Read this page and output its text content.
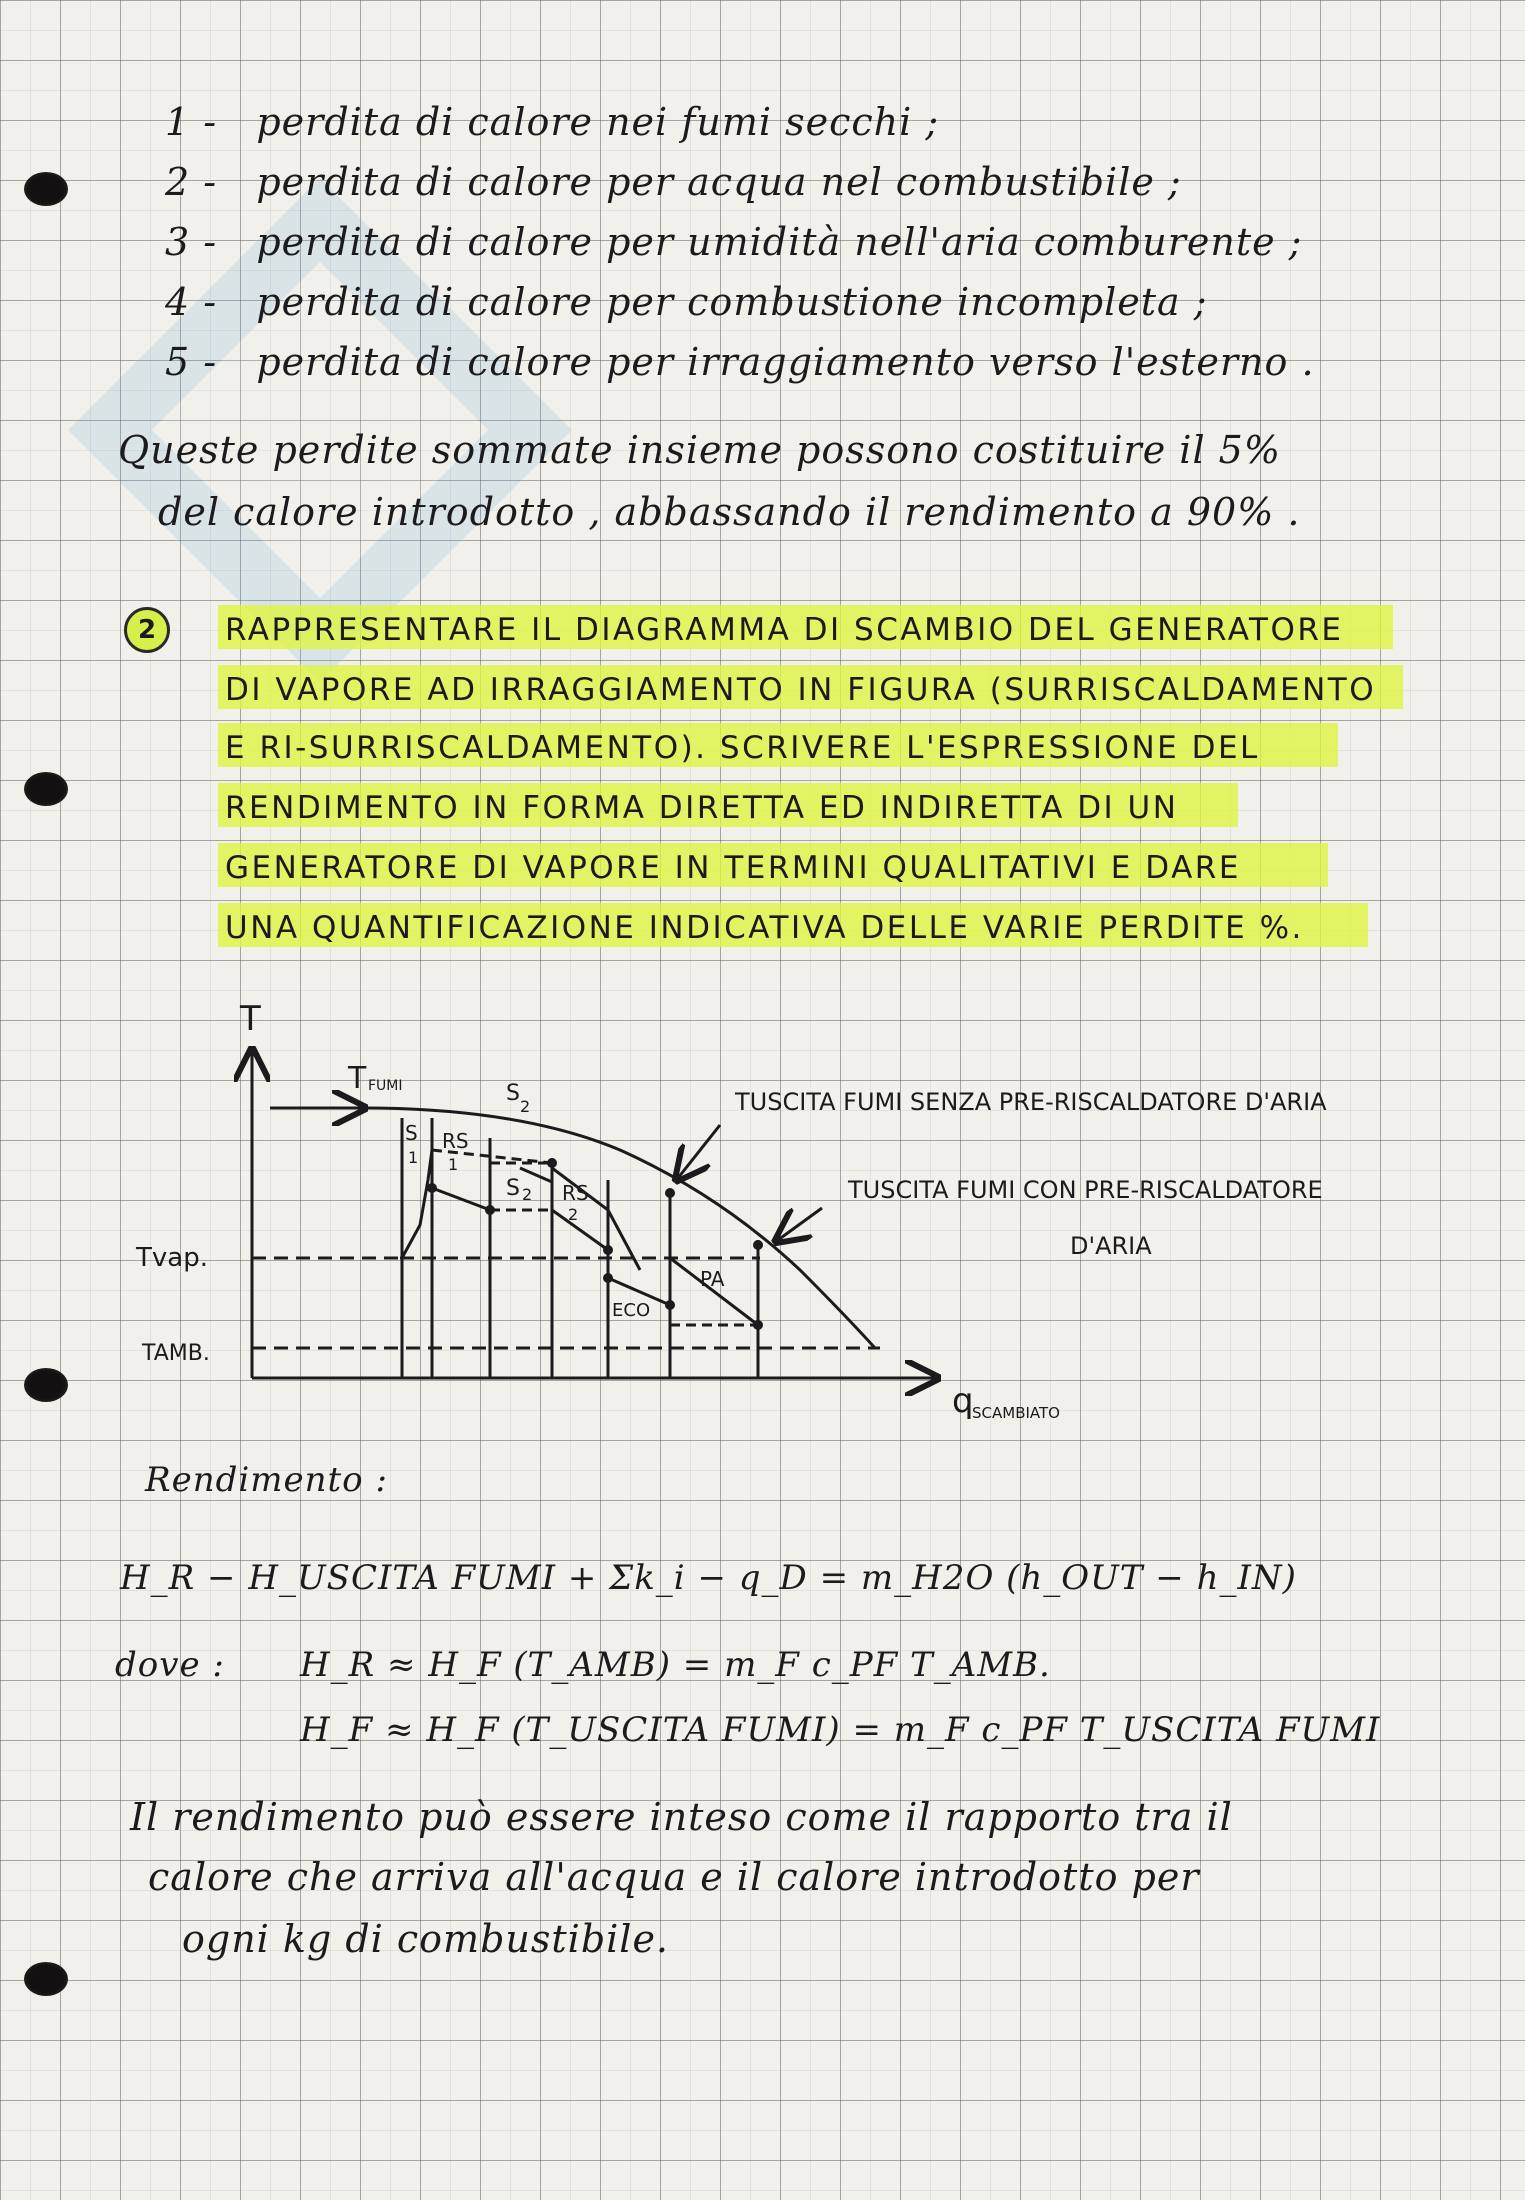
1 - perdita di calore nei fumi secchi ;
2 - perdita di calore per acqua nel combustibile ;
3 - perdita di calore per umidità nell'aria comburente ;
4 - perdita di calore per combustione incompleta ;
5 - perdita di calore per irraggiamento verso l'esterno .
Queste perdite sommate insieme possono costituire il 5%
del calore introdotto , abbassando il rendimento a 90% .
2	RAPPRESENTARE IL DIAGRAMMA DI SCAMBIO DEL GENERATORE
DI VAPORE AD IRRAGGIAMENTO IN FIGURA (SURRISCALDAMENTO
E RI-SURRISCALDAMENTO). SCRIVERE L'ESPRESSIONE DEL
RENDIMENTO IN FORMA DIRETTA ED INDIRETTA DI UN
GENERATORE DI VAPORE IN TERMINI QUALITATIVI E DARE
UNA QUANTIFICAZIONE INDICATIVA DELLE VARIE PERDITE %.
T
q
SCAMBIATO
T FUMI
Tvap.
TAMB.
S
1
RS
1
S
2
S 2 RS
2
ECO
PA
TUSCITA FUMI SENZA PRE-RISCALDATORE D'ARIA
TUSCITA FUMI CON PRE-RISCALDATORE
D'ARIA
Rendimento :
H_R − H_USCITA FUMI + Σk_i − q_D = m_H2O (h_OUT − h_IN)
dove : H_R ≈ H_F (T_AMB) = m_F c_PF T_AMB.
H_F ≈ H_F (T_USCITA FUMI) = m_F c_PF T_USCITA FUMI
Il rendimento può essere inteso come il rapporto tra il
calore che arriva all'acqua e il calore introdotto per
ogni kg di combustibile.
